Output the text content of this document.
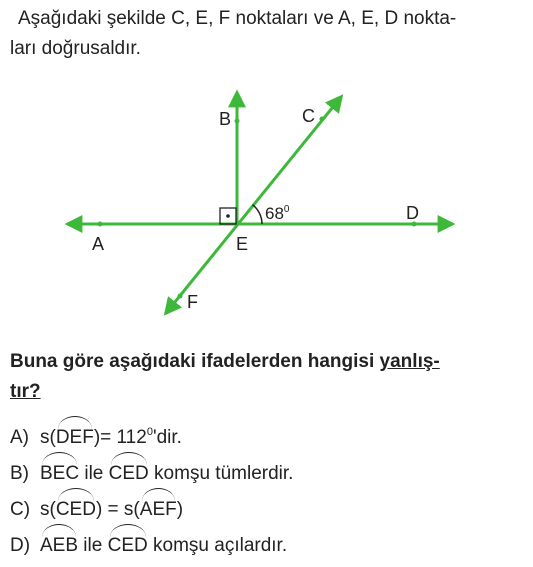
Aşağıdaki şekilde C, E, F noktaları ve A, E, D nokta-
ları doğrusaldır.
B	C
A	E
D
F
$68^0$
Buna göre aşağıdaki ifadelerden hangisi yanlış-
tır?
A) $s(DEF)= 112^0'dir$.
B) BEC ile CED komşu tümlerdir.
C) s(CED) = s(AEF)
D) AEB ile CED komşu açılardır.
